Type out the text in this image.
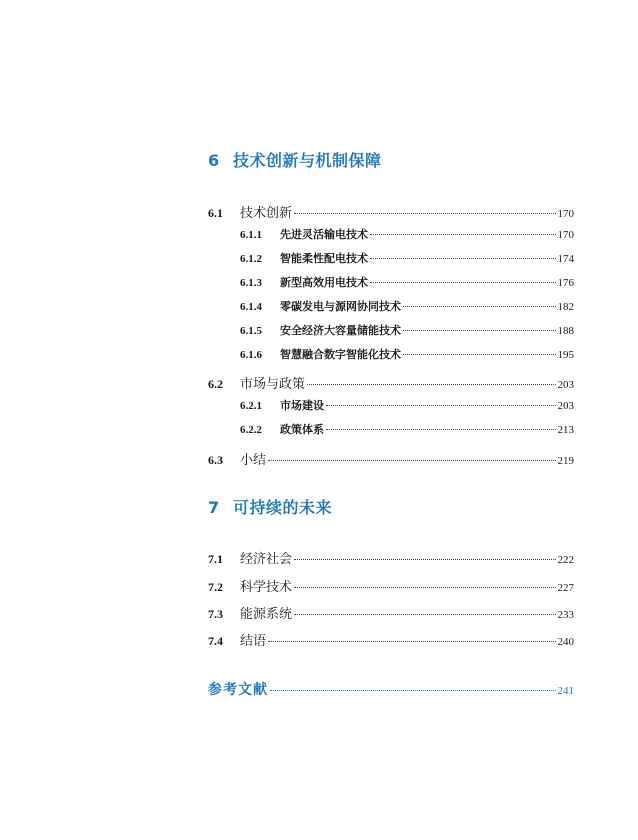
6 技术创新与机制保障
6.1	技术创新	170
6.1.1	先进灵活输电技术	170
6.1.2	智能柔性配电技术	174
6.1.3	新型高效用电技术	176
6.1.4	零碳发电与源网协同技术	182
6.1.5	安全经济大容量储能技术	188
6.1.6	智慧融合数字智能化技术	195
6.2	市场与政策	203
6.2.1	市场建设	203
6.2.2	政策体系	213
6.3	小结	219
7 可持续的未来
7.1	经济社会	222
7.2	科学技术	227
7.3	能源系统	233
7.4	结语	240
参考文献	241
